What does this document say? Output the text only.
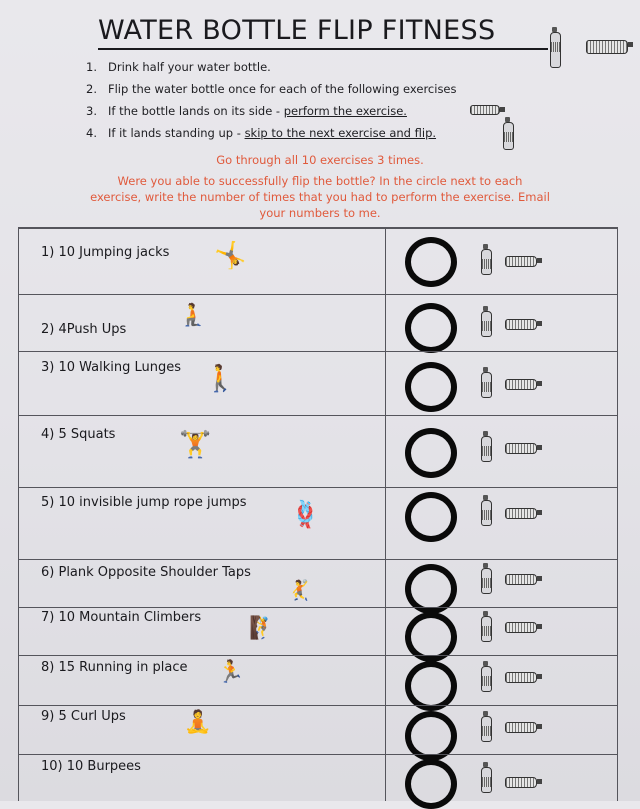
WATER BOTTLE FLIP FITNESS
1. Drink half your water bottle.
2. Flip the water bottle once for each of the following exercises
3. If the bottle lands on its side - perform the exercise.
4. If it lands standing up - skip to the next exercise and flip.
Go through all 10 exercises 3 times.
Were you able to successfully flip the bottle? In the circle next to each
exercise, write the number of times that you had to perform the exercise. Email
your numbers to me.
1) 10 Jumping jacks 🤸
2) 4Push Ups
🧎
3) 10 Walking Lunges 🚶
4) 5 Squats 🏋
5) 10 invisible jump rope jumps 🪢
6) Plank Opposite Shoulder Taps
🤾
7) 10 Mountain Climbers 🧗
8) 15 Running in place 🏃
9) 5 Curl Ups	🧘
10) 10 Burpees
